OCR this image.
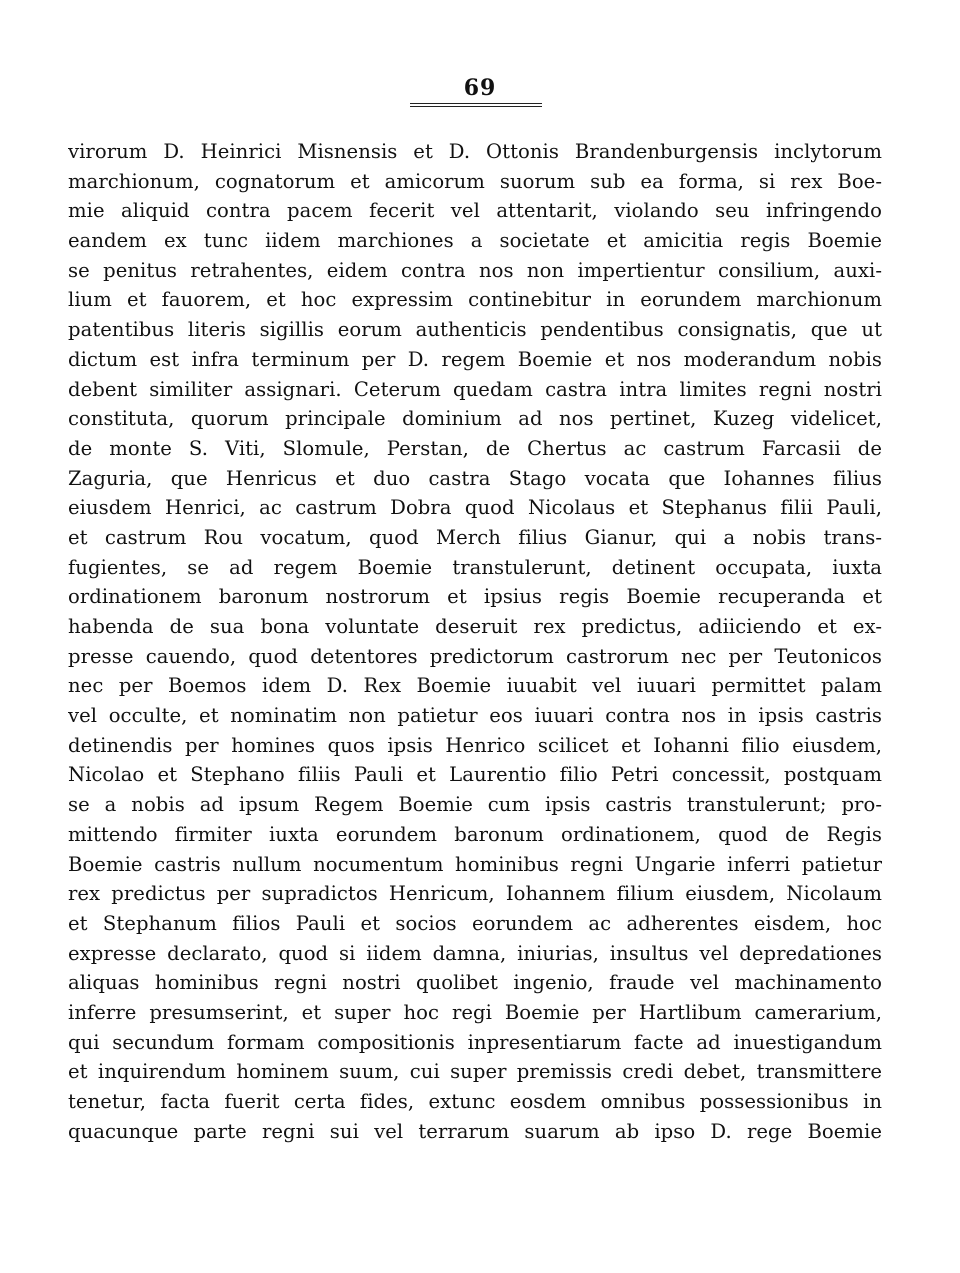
69
virorum D. Heinrici Misnensis et D. Ottonis Brandenburgensis inclytorum
marchionum, cognatorum et amicorum suorum sub ea forma, si rex Boe-
mie aliquid contra pacem fecerit vel attentarit, violando seu infringendo
eandem ex tunc iidem marchiones a societate et amicitia regis Boemie
se penitus retrahentes, eidem contra nos non impertientur consilium, auxi-
lium et fauorem, et hoc expressim continebitur in eorundem marchionum
patentibus literis sigillis eorum authenticis pendentibus consignatis, que ut
dictum est infra terminum per D. regem Boemie et nos moderandum nobis
debent similiter assignari. Ceterum quedam castra intra limites regni nostri
constituta, quorum principale dominium ad nos pertinet, Kuzeg videlicet,
de monte S. Viti, Slomule, Perstan, de Chertus ac castrum Farcasii de
Zaguria, que Henricus et duo castra Stago vocata que Iohannes filius
eiusdem Henrici, ac castrum Dobra quod Nicolaus et Stephanus filii Pauli,
et castrum Rou vocatum, quod Merch filius Gianur, qui a nobis trans-
fugientes, se ad regem Boemie transtulerunt, detinent occupata, iuxta
ordinationem baronum nostrorum et ipsius regis Boemie recuperanda et
habenda de sua bona voluntate deseruit rex predictus, adiiciendo et ex-
presse cauendo, quod detentores predictorum castrorum nec per Teutonicos
nec per Boemos idem D. Rex Boemie iuuabit vel iuuari permittet palam
vel occulte, et nominatim non patietur eos iuuari contra nos in ipsis castris
detinendis per homines quos ipsis Henrico scilicet et Iohanni filio eiusdem,
Nicolao et Stephano filiis Pauli et Laurentio filio Petri concessit, postquam
se a nobis ad ipsum Regem Boemie cum ipsis castris transtulerunt; pro-
mittendo firmiter iuxta eorundem baronum ordinationem, quod de Regis
Boemie castris nullum nocumentum hominibus regni Ungarie inferri patietur
rex predictus per supradictos Henricum, Iohannem filium eiusdem, Nicolaum
et Stephanum filios Pauli et socios eorundem ac adherentes eisdem, hoc
expresse declarato, quod si iidem damna, iniurias, insultus vel depredationes
aliquas hominibus regni nostri quolibet ingenio, fraude vel machinamento
inferre presumserint, et super hoc regi Boemie per Hartlibum camerarium,
qui secundum formam compositionis inpresentiarum facte ad inuestigandum
et inquirendum hominem suum, cui super premissis credi debet, transmittere
tenetur, facta fuerit certa fides, extunc eosdem omnibus possessionibus in
quacunque parte regni sui vel terrarum suarum ab ipso D. rege Boemie
